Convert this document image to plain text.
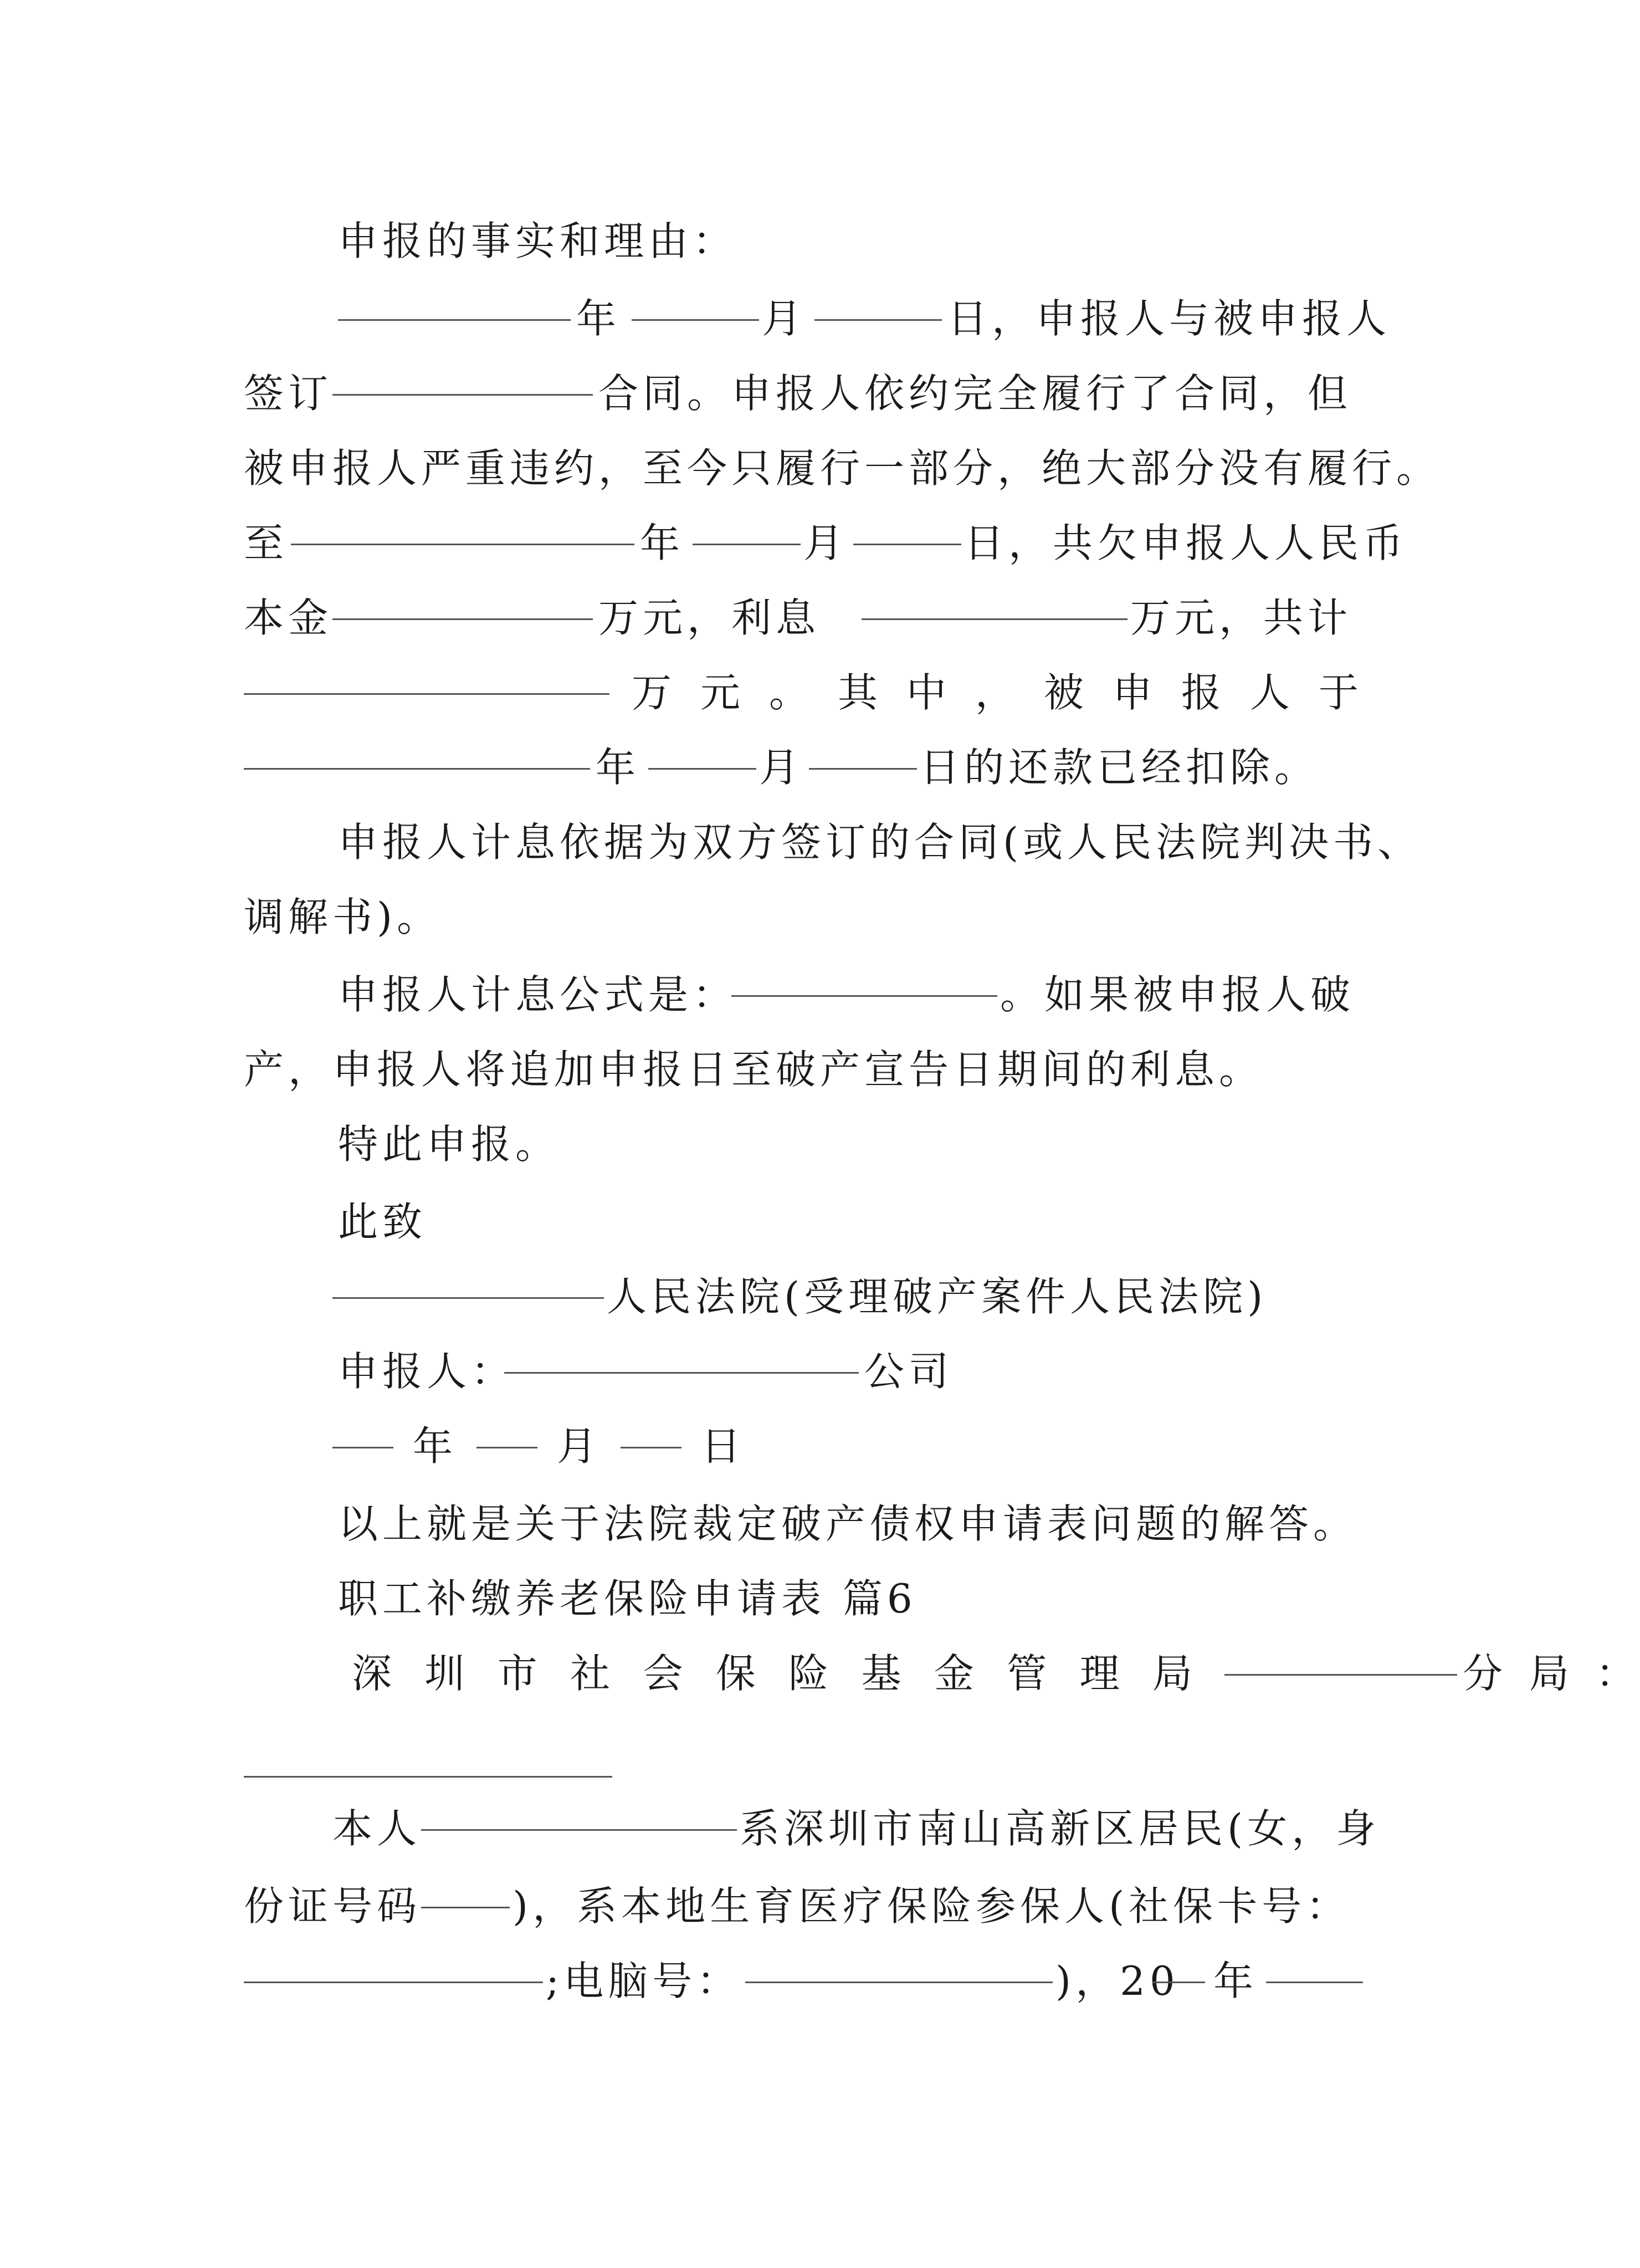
申报的事实和理由：
年	月	日，申报人与被申报人
签订	合同。申报人依约完全履行了合同，但
被申报人严重违约，至今只履行一部分，绝大部分没有履行。
至	年	月	日，共欠申报人人民币
本金	万元，利息	万元，共计
万 元 。 其 中 ， 被 申 报 人 于
年	月	日的还款已经扣除。
申报人计息依据为双方签订的合同(或人民法院判决书、
调解书)。
申报人计息公式是：	。如果被申报人破
产，申报人将追加申报日至破产宣告日期间的利息。
特此申报。
此致
人民法院(受理破产案件人民法院)
申报人：	公司
年 月 日
以上就是关于法院裁定破产债权申请表问题的解答。
职工补缴养老保险申请表 篇6
深 圳 市 社 会 保 险 基 金 管 理 局	分 局 ：
本人	系深圳市南山高新区居民(女，身
份证号码 )，系本地生育医疗保险参保人(社保卡号：
;电脑号：	)，20 年
